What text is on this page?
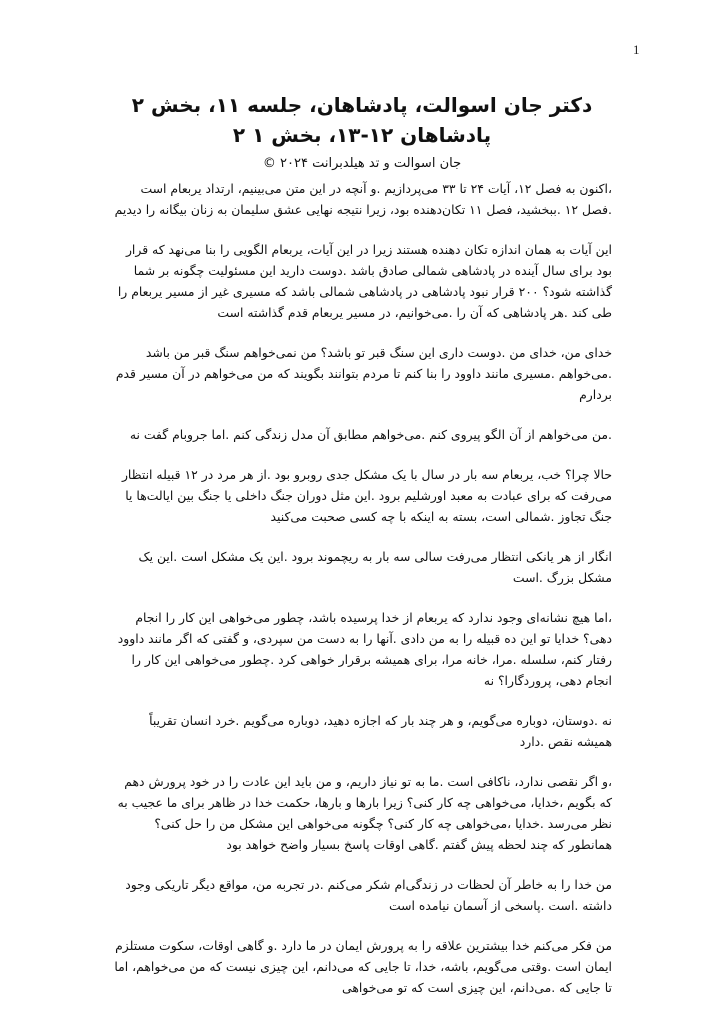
1
دکتر جان اسوالت، پادشاهان، جلسه ۱۱، بخش ۲
پادشاهان ۱۲-۱۳، بخش ۱ ۲
جان اسوالت و تد هیلدبرانت ۲۰۲۴ ©

،اکنون به فصل ۱۲، آیات ۲۴ تا ۳۳ می‌پردازیم .و آنچه در این متن می‌بینیم، ارتداد یربعام است .فصل ۱۲ .ببخشید، فصل ۱۱ تکان‌دهنده بود، زیرا نتیجه نهایی عشق سلیمان به زنان بیگانه را دیدیم

این آیات به همان اندازه تکان دهنده هستند زیرا در این آیات، یربعام الگویی را بنا می‌نهد که قرار بود برای سال آینده در پادشاهی شمالی صادق باشد .دوست دارید این مسئولیت چگونه بر شما گذاشته شود؟ ۲۰۰ قرار نبود پادشاهی در پادشاهی شمالی باشد که مسیری غیر از مسیر یربعام را طی کند .هر پادشاهی که آن را .می‌خوانیم، در مسیر یربعام قدم گذاشته است

خدای من، خدای من .دوست داری این سنگ قبر تو باشد؟ من نمی‌خواهم سنگ قبر من باشد .می‌خواهم .مسیری مانند داوود را بنا کنم تا مردم بتوانند بگویند که من می‌خواهم در آن مسیر قدم بردارم

.من می‌خواهم از آن الگو پیروی کنم .می‌خواهم مطابق آن مدل زندگی کنم .اما جروبام گفت نه

حالا چرا؟ خب، یربعام سه بار در سال با یک مشکل جدی روبرو بود .از هر مرد در ۱۲ قبیله انتظار می‌رفت که برای عبادت به معبد اورشلیم برود .این مثل دوران جنگ داخلی یا جنگ بین ایالت‌ها یا جنگ تجاوز .شمالی است، بسته به اینکه با چه کسی صحبت می‌کنید

انگار از هر یانکی انتظار می‌رفت سالی سه بار به ریچموند برود .این یک مشکل است .این یک مشکل بزرگ .است

،اما هیچ نشانه‌ای وجود ندارد که یربعام از خدا پرسیده باشد، چطور می‌خواهی این کار را انجام دهی؟ خدایا تو این ده قبیله را به من دادی .آنها را به دست من سپردی، و گفتی که اگر مانند داوود رفتار کنم، سلسله .مرا، خانه مرا، برای همیشه برقرار خواهی کرد .چطور می‌خواهی این کار را انجام دهی، پروردگارا؟ نه

نه .دوستان، دوباره می‌گویم، و هر چند بار که اجازه دهید، دوباره می‌گویم .خرد انسان تقریباً همیشه نقص .دارد

،و اگر نقصی ندارد، ناکافی است .ما به تو نیاز داریم، و من باید این عادت را در خود پرورش دهم که بگویم ،خدایا، می‌خواهی چه کار کنی؟ زیرا بارها و بارها، حکمت خدا در ظاهر برای ما عجیب به نظر می‌رسد .خدایا ،می‌خواهی چه کار کنی؟ چگونه می‌خواهی این مشکل من را حل کنی؟ همانطور که چند لحظه پیش گفتم .گاهی اوقات پاسخ بسیار واضح خواهد بود

من خدا را به خاطر آن لحظات در زندگی‌ام شکر می‌کنم .در تجربه من، مواقع دیگر تاریکی وجود داشته .است .پاسخی از آسمان نیامده است

من فکر می‌کنم خدا بیشترین علاقه را به پرورش ایمان در ما دارد .و گاهی اوقات، سکوت مستلزم ایمان است .وقتی می‌گویم، باشه، خدا، تا جایی که می‌دانم، این چیزی نیست که من می‌خواهم، اما تا جایی که .می‌دانم، این چیزی است که تو می‌خواهی
